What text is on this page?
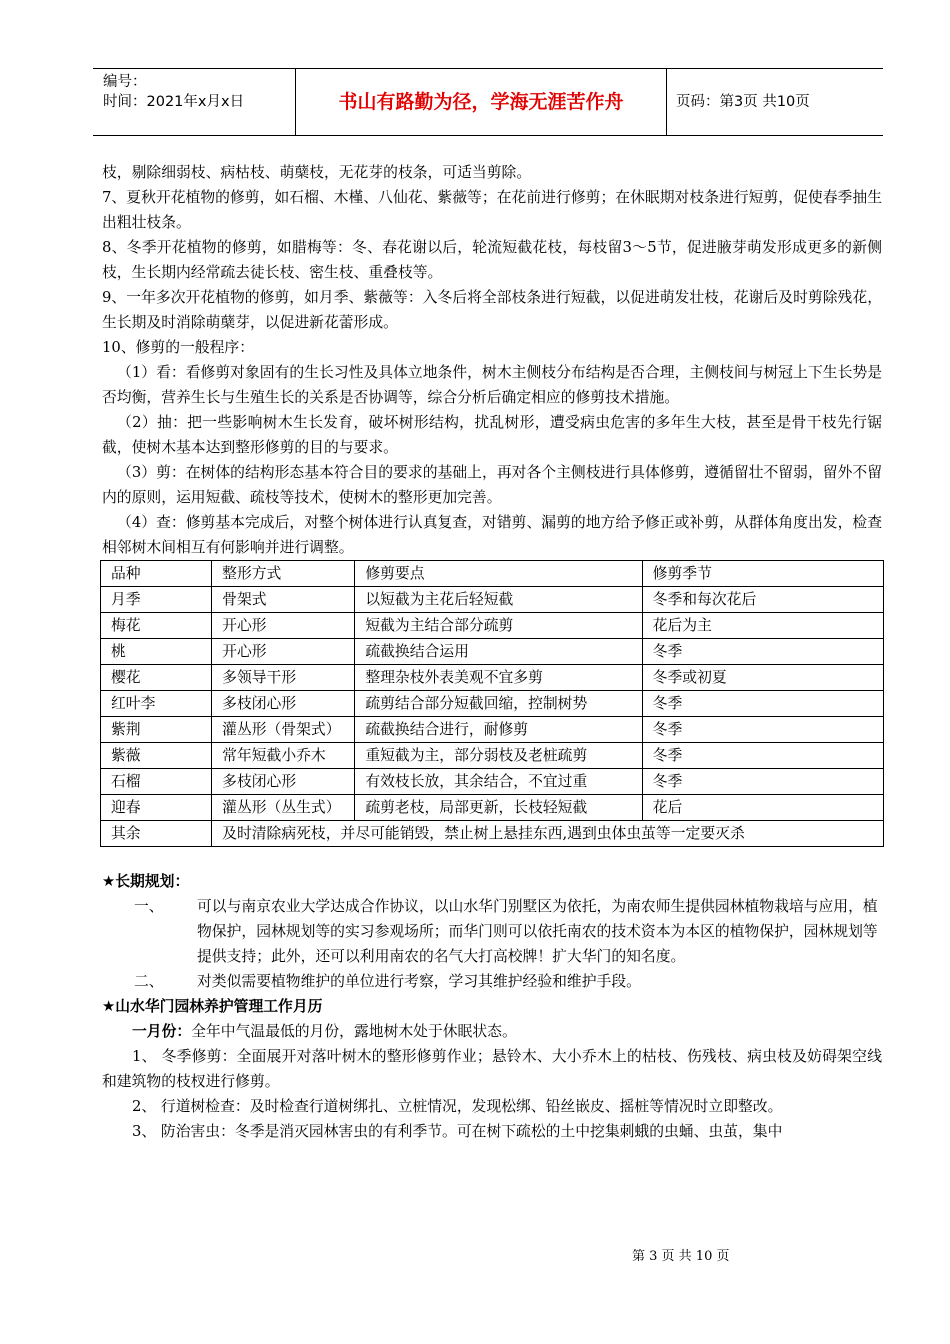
编号：
时间：2021年x月x日	书山有路勤为径，学海无涯苦作舟	页码：第3页 共10页

枝，剔除细弱枝、病枯枝、萌蘖枝，无花芽的枝条，可适当剪除。

7、夏秋开花植物的修剪，如石榴、木槿、八仙花、紫薇等；在花前进行修剪；在休眠期对枝条进行短剪，促使春季抽生出粗壮枝条。

8、冬季开花植物的修剪，如腊梅等：冬、春花谢以后，轮流短截花枝，每枝留3～5节，促进腋芽萌发形成更多的新侧枝，生长期内经常疏去徒长枝、密生枝、重叠枝等。

9、一年多次开花植物的修剪，如月季、紫薇等：入冬后将全部枝条进行短截，以促进萌发壮枝，花谢后及时剪除残花，生长期及时消除萌蘖芽，以促进新花蕾形成。

10、修剪的一般程序：

（1）看：看修剪对象固有的生长习性及具体立地条件，树木主侧枝分布结构是否合理，主侧枝间与树冠上下生长势是否均衡，营养生长与生殖生长的关系是否协调等，综合分析后确定相应的修剪技术措施。

（2）抽：把一些影响树木生长发育，破坏树形结构，扰乱树形，遭受病虫危害的多年生大枝，甚至是骨干枝先行锯截，使树木基本达到整形修剪的目的与要求。

（3）剪：在树体的结构形态基本符合目的要求的基础上，再对各个主侧枝进行具体修剪，遵循留壮不留弱，留外不留内的原则，运用短截、疏枝等技术，使树木的整形更加完善。

（4）查：修剪基本完成后，对整个树体进行认真复查，对错剪、漏剪的地方给予修正或补剪，从群体角度出发，检查相邻树木间相互有何影响并进行调整。

品种	整形方式	修剪要点	修剪季节
月季	骨架式	以短截为主花后轻短截	冬季和每次花后
梅花	开心形	短截为主结合部分疏剪	花后为主
桃	开心形	疏截换结合运用	冬季
樱花	多领导干形	整理杂枝外表美观不宜多剪	冬季或初夏
红叶李	多枝闭心形	疏剪结合部分短截回缩，控制树势	冬季
紫荆	灌丛形（骨架式）	疏截换结合进行，耐修剪	冬季
紫薇	常年短截小乔木	重短截为主，部分弱枝及老桩疏剪	冬季
石榴	多枝闭心形	有效枝长放，其余结合，不宜过重	冬季
迎春	灌丛形（丛生式）	疏剪老枝，局部更新，长枝轻短截	花后
其余	及时清除病死枝，并尽可能销毁，禁止树上悬挂东西,遇到虫体虫茧等一定要灭杀		

★长期规划：

一、	可以与南京农业大学达成合作协议，以山水华门别墅区为依托，为南农师生提供园林植物栽培与应用，植物保护，园林规划等的实习参观场所；而华门则可以依托南农的技术资本为本区的植物保护，园林规划等提供支持；此外，还可以利用南农的名气大打高校牌！扩大华门的知名度。
二、	对类似需要植物维护的单位进行考察，学习其维护经验和维护手段。

★山水华门园林养护管理工作月历

一月份：全年中气温最低的月份，露地树木处于休眠状态。

1、 冬季修剪：全面展开对落叶树木的整形修剪作业；悬铃木、大小乔木上的枯枝、伤残枝、病虫枝及妨碍架空线和建筑物的枝杈进行修剪。

2、 行道树检查：及时检查行道树绑扎、立桩情况，发现松绑、铅丝嵌皮、摇桩等情况时立即整改。

3、 防治害虫：冬季是消灭园林害虫的有利季节。可在树下疏松的土中挖集刺蛾的虫蛹、虫茧，集中

第 3 页 共 10 页
